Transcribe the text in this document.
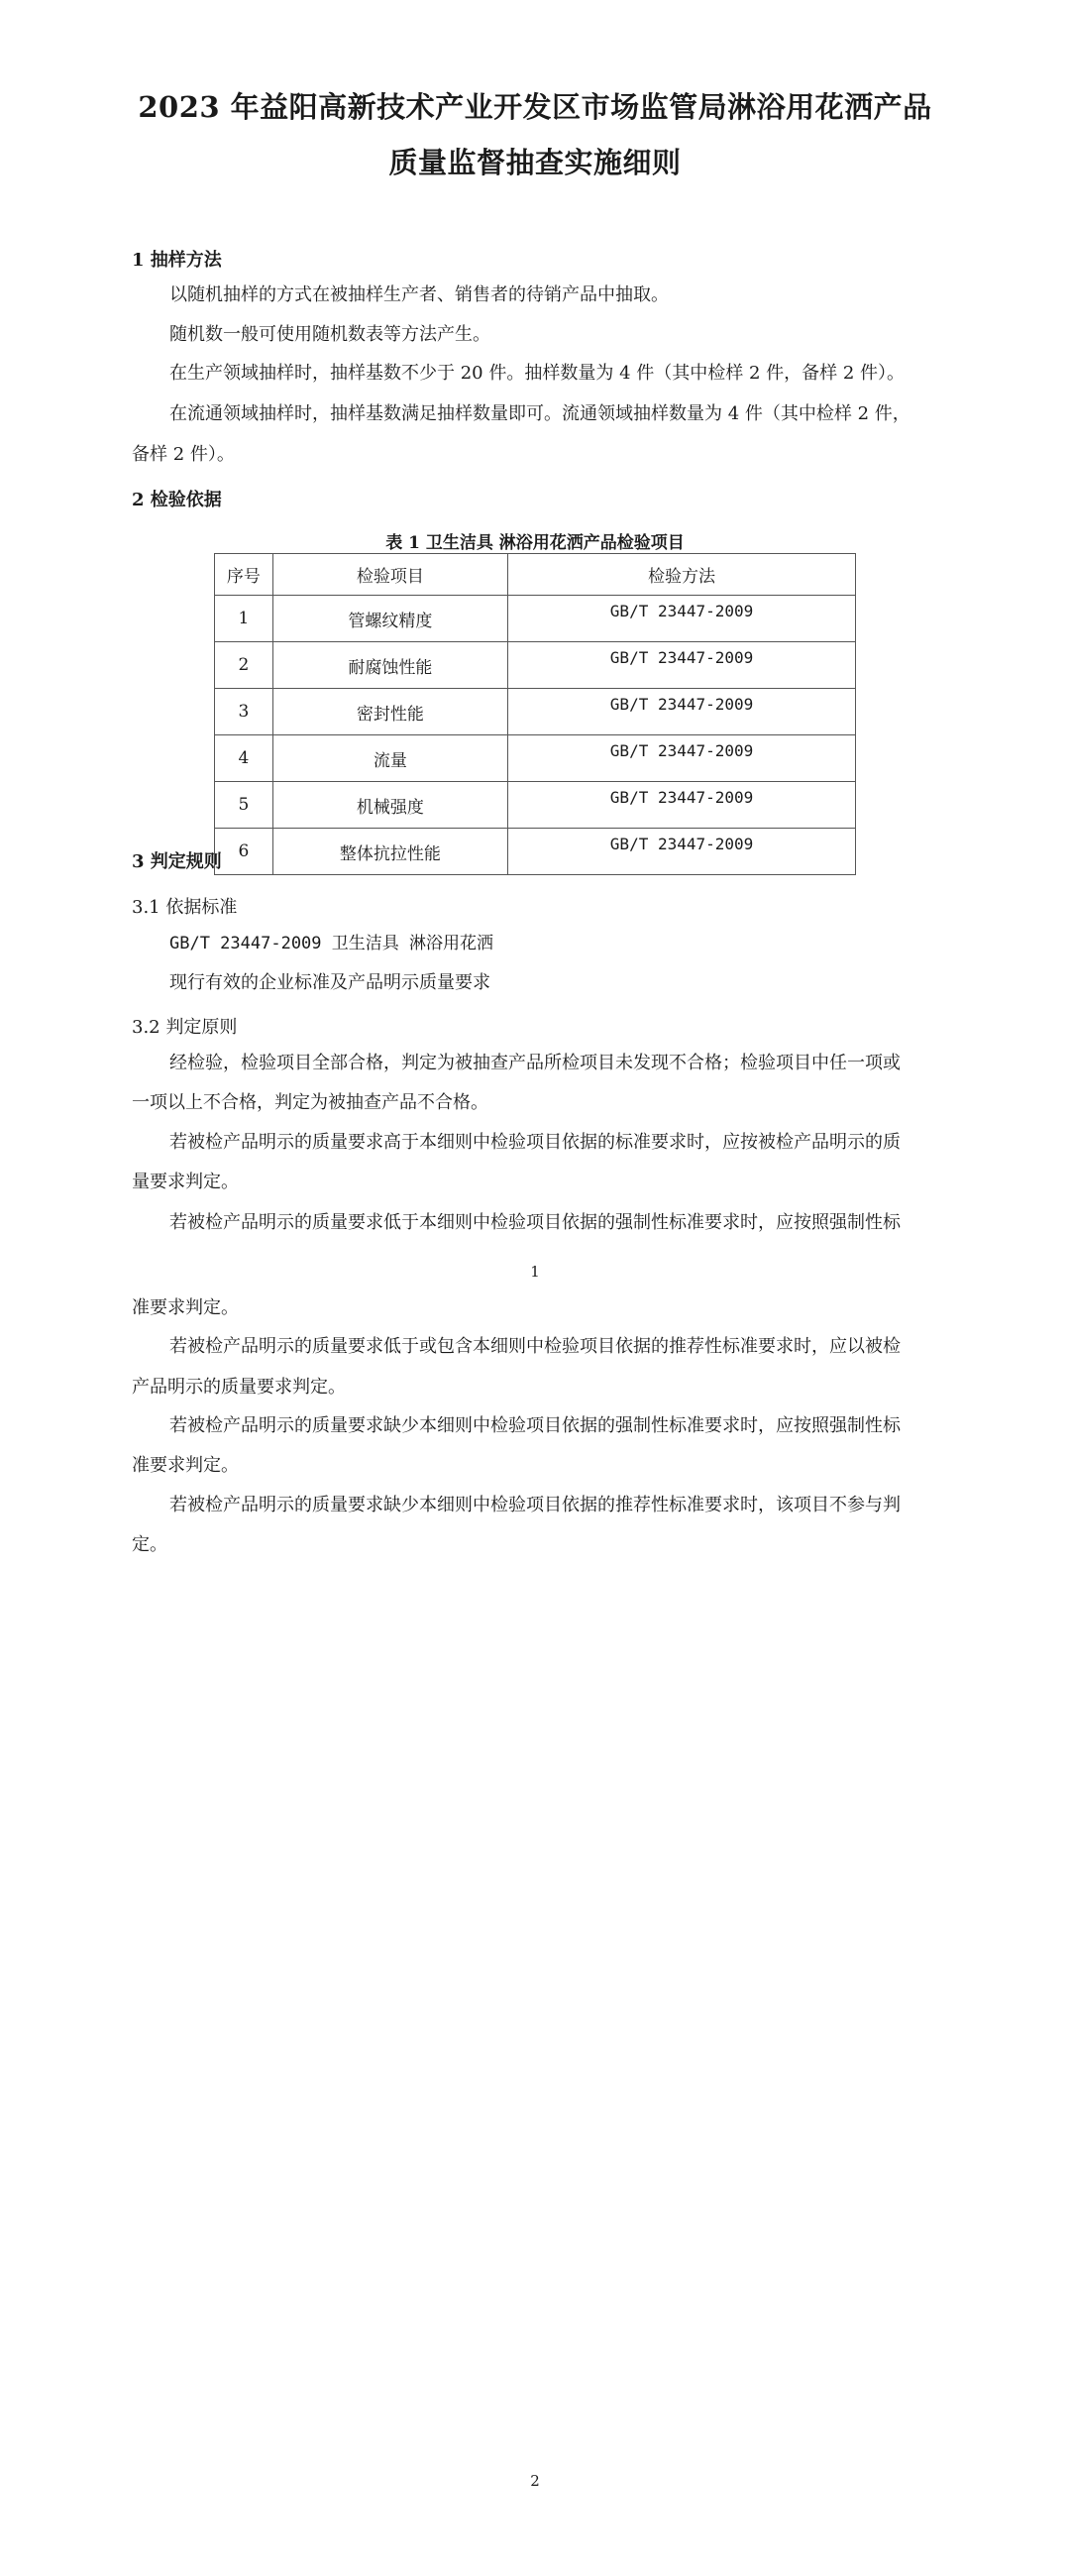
2023 年益阳高新技术产业开发区市场监管局淋浴用花洒产品
质量监督抽查实施细则
1 抽样方法
以随机抽样的方式在被抽样生产者、销售者的待销产品中抽取。
随机数一般可使用随机数表等方法产生。
在生产领域抽样时，抽样基数不少于 20 件。抽样数量为 4 件（其中检样 2 件，备样 2 件）。
在流通领域抽样时，抽样基数满足抽样数量即可。流通领域抽样数量为 4 件（其中检样 2 件，
备样 2 件）。
2 检验依据
表 1 卫生洁具 淋浴用花洒产品检验项目
序号	检验项目	检验方法
1	管螺纹精度	GB/T 23447-2009
2	耐腐蚀性能	GB/T 23447-2009
3	密封性能	GB/T 23447-2009
4	流量	GB/T 23447-2009
5	机械强度	GB/T 23447-2009
6	整体抗拉性能	GB/T 23447-2009
3 判定规则
3.1 依据标准
GB/T 23447-2009 卫生洁具 淋浴用花洒
现行有效的企业标准及产品明示质量要求
3.2 判定原则
经检验，检验项目全部合格，判定为被抽查产品所检项目未发现不合格；检验项目中任一项或
一项以上不合格，判定为被抽查产品不合格。
若被检产品明示的质量要求高于本细则中检验项目依据的标准要求时，应按被检产品明示的质
量要求判定。
若被检产品明示的质量要求低于本细则中检验项目依据的强制性标准要求时，应按照强制性标
1
准要求判定。
若被检产品明示的质量要求低于或包含本细则中检验项目依据的推荐性标准要求时，应以被检
产品明示的质量要求判定。
若被检产品明示的质量要求缺少本细则中检验项目依据的强制性标准要求时，应按照强制性标
准要求判定。
若被检产品明示的质量要求缺少本细则中检验项目依据的推荐性标准要求时，该项目不参与判
定。
2
